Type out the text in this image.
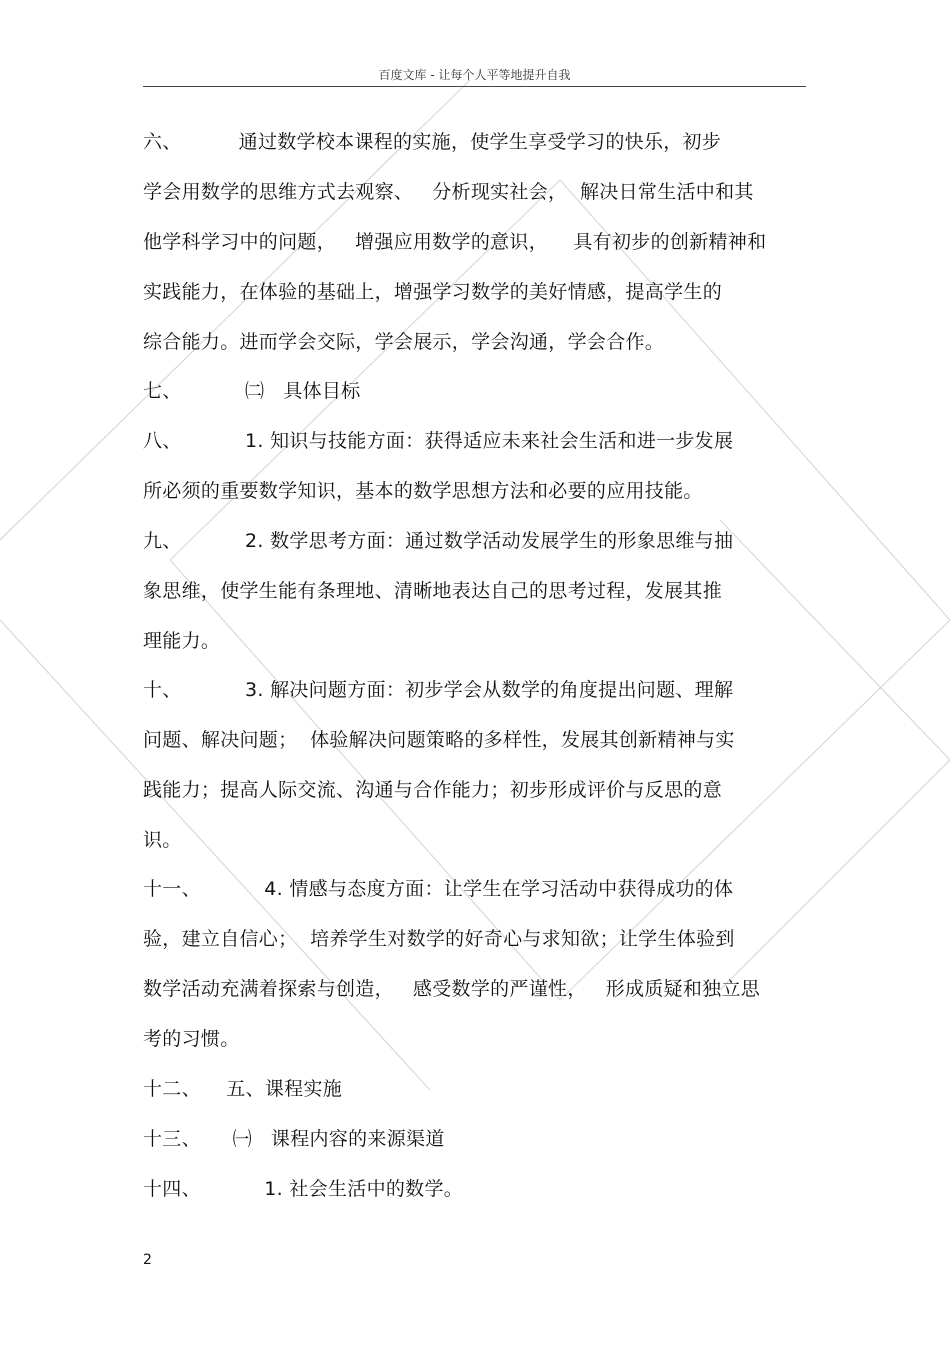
百度文库 - 让每个人平等地提升自我
六、         通过数学校本课程的实施，使学生享受学习的快乐，初步
学会用数学的思维方式去观察、   分析现实社会，  解决日常生活中和其
他学科学习中的问题，   增强应用数学的意识，    具有初步的创新精神和
实践能力，在体验的基础上，增强学习数学的美好情感，提高学生的
综合能力。进而学会交际，学会展示，学会沟通，学会合作。
七、          ㈡   具体目标
八、          1. 知识与技能方面：获得适应未来社会生活和进一步发展
所必须的重要数学知识，基本的数学思想方法和必要的应用技能。
九、          2. 数学思考方面：通过数学活动发展学生的形象思维与抽
象思维，使学生能有条理地、清晰地表达自己的思考过程，发展其推
理能力。
十、          3. 解决问题方面：初步学会从数学的角度提出问题、理解
问题、解决问题；  体验解决问题策略的多样性，发展其创新精神与实
践能力；提高人际交流、沟通与合作能力；初步形成评价与反思的意
识。
十一、          4. 情感与态度方面：让学生在学习活动中获得成功的体
验，建立自信心；  培养学生对数学的好奇心与求知欲；让学生体验到
数学活动充满着探索与创造，   感受数学的严谨性，   形成质疑和独立思
考的习惯。
十二、    五、课程实施
十三、     ㈠   课程内容的来源渠道
十四、          1. 社会生活中的数学。
2
